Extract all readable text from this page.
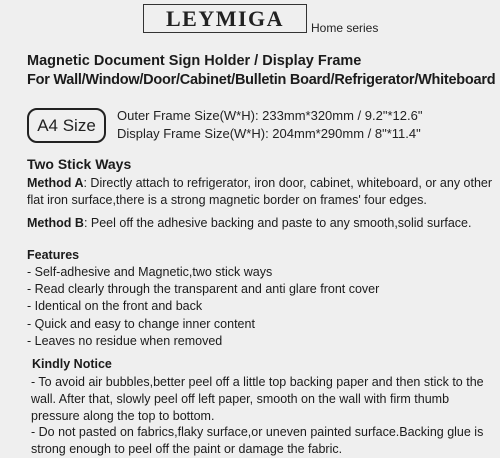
LEYMIGA	Home series
Magnetic Document Sign Holder / Display Frame
For Wall/Window/Door/Cabinet/Bulletin Board/Refrigerator/Whiteboard
A4 Size	Outer Frame Size(W*H): 233mm*320mm / 9.2"*12.6"
Display Frame Size(W*H): 204mm*290mm / 8"*11.4"
Two Stick Ways
Method A: Directly attach to refrigerator, iron door, cabinet, whiteboard, or any other flat iron surface,there is a strong magnetic border on frames' four edges.
Method B: Peel off the adhesive backing and paste to any smooth,solid surface.
Features
- Self-adhesive and Magnetic,two stick ways
- Read clearly through the transparent and anti glare front cover
- Identical on the front and back
- Quick and easy to change inner content
- Leaves no residue when removed
Kindly Notice
- To avoid air bubbles,better peel off a little top backing paper and then stick to the wall. After that, slowly peel off left paper, smooth on the wall with firm thumb pressure along the top to bottom.
- Do not pasted on fabrics,flaky surface,or uneven painted surface.Backing glue is strong enough to peel off the paint or damage the fabric.
